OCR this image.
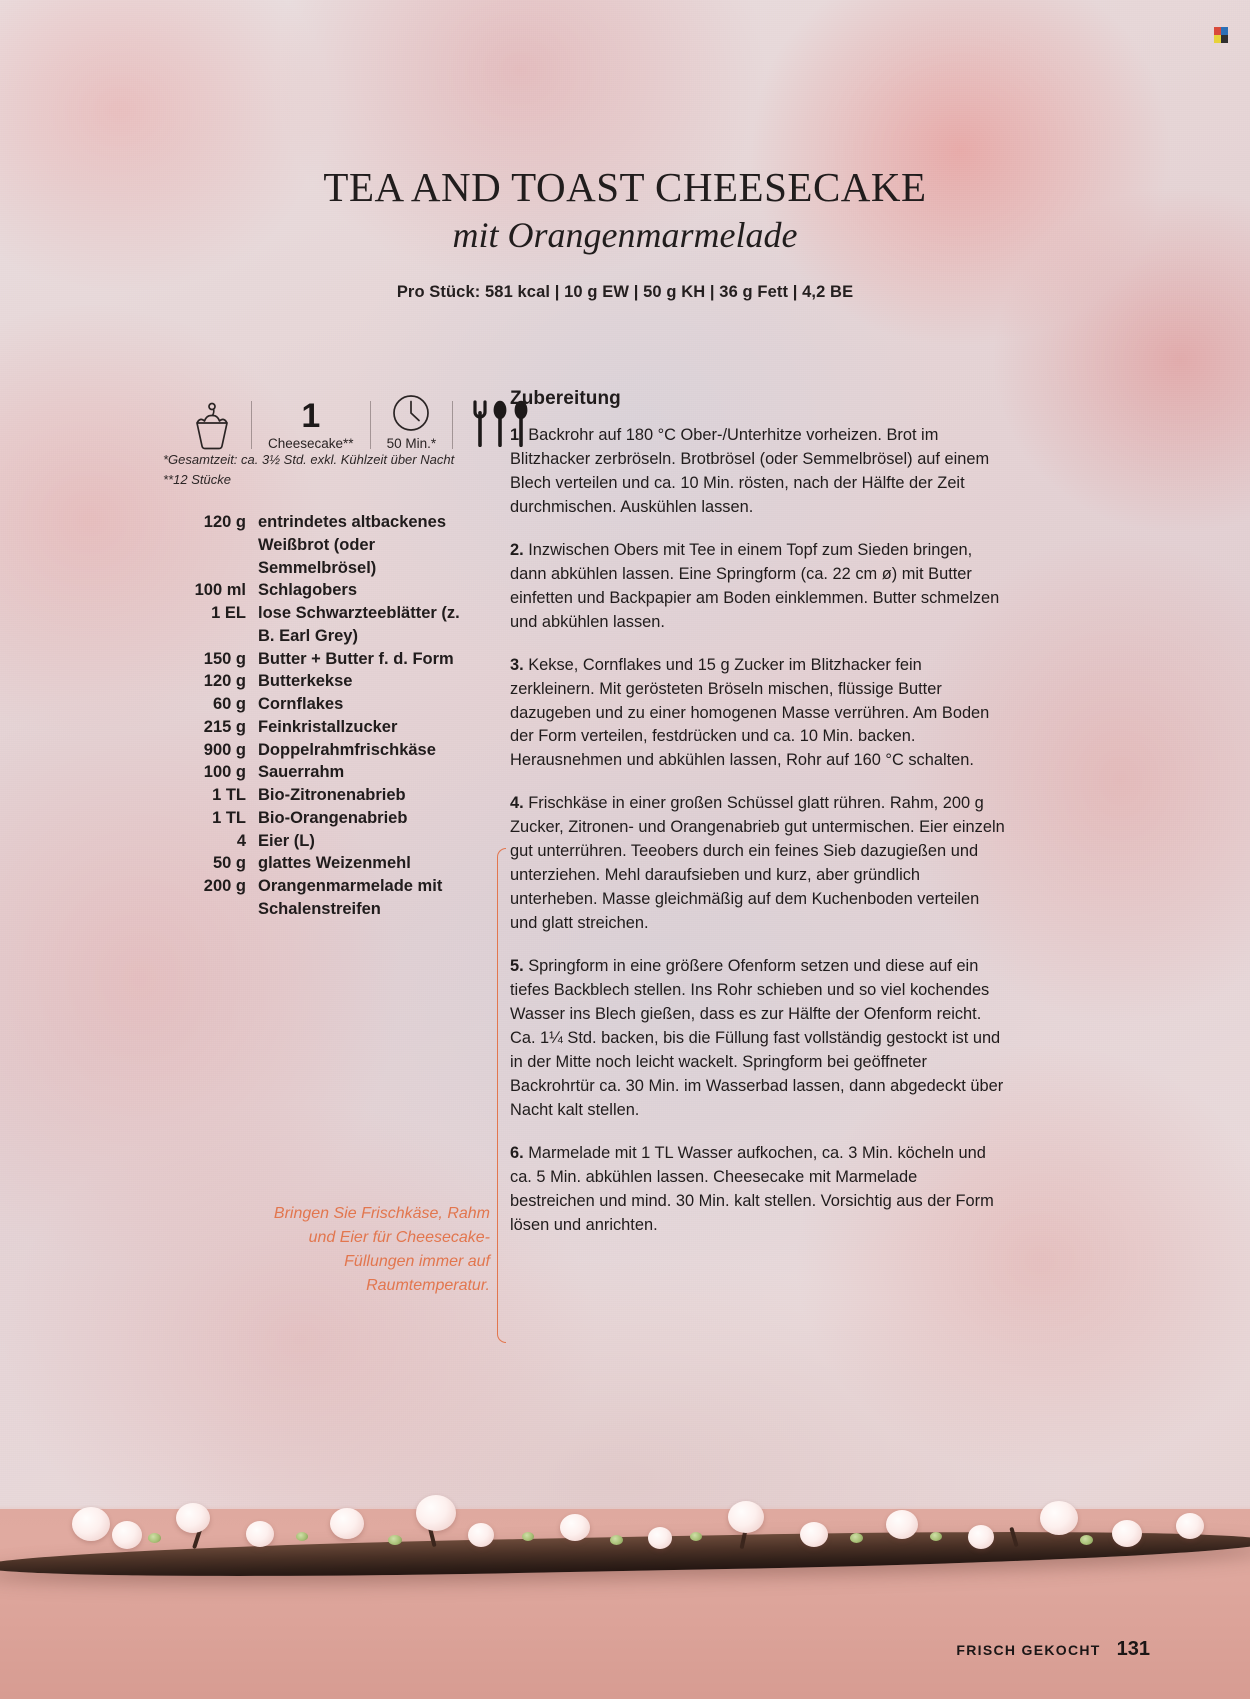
TEA AND TOAST CHEESECAKE
mit Orangenmarmelade
Pro Stück: 581 kcal | 10 g EW | 50 g KH | 36 g Fett | 4,2 BE
1
Cheesecake** 50 Min.*
*Gesamtzeit: ca. 3½ Std. exkl. Kühlzeit über Nacht
**12 Stücke
120 g entrindetes altbackenes Weißbrot (oder Semmelbrösel)
100 ml Schlagobers
1 EL lose Schwarzteeblätter (z. B. Earl Grey)
150 g Butter + Butter f. d. Form
120 g Butterkekse
60 g Cornflakes
215 g Feinkristallzucker
900 g Doppelrahmfrischkäse
100 g Sauerrahm
1 TL Bio-Zitronenabrieb
1 TL Bio-Orangenabrieb
4 Eier (L)
50 g glattes Weizenmehl
200 g Orangenmarmelade mit Schalenstreifen
Bringen Sie Frischkäse, Rahm und Eier für Cheesecake-Füllungen immer auf Raumtemperatur.
Zubereitung

1. Backrohr auf 180 °C Ober-/Unterhitze vorheizen. Brot im Blitzhacker zerbröseln. Brotbrösel (oder Semmelbrösel) auf einem Blech verteilen und ca. 10 Min. rösten, nach der Hälfte der Zeit durchmischen. Auskühlen lassen.

2. Inzwischen Obers mit Tee in einem Topf zum Sieden bringen, dann abkühlen lassen. Eine Springform (ca. 22 cm ø) mit Butter einfetten und Backpapier am Boden einklemmen. Butter schmelzen und abkühlen lassen.

3. Kekse, Cornflakes und 15 g Zucker im Blitzhacker fein zerkleinern. Mit gerösteten Bröseln mischen, flüssige Butter dazugeben und zu einer homogenen Masse verrühren. Am Boden der Form verteilen, festdrücken und ca. 10 Min. backen. Herausnehmen und abkühlen lassen, Rohr auf 160 °C schalten.

4. Frischkäse in einer großen Schüssel glatt rühren. Rahm, 200 g Zucker, Zitronen- und Orangenabrieb gut untermischen. Eier einzeln gut unterrühren. Teeobers durch ein feines Sieb dazugießen und unterziehen. Mehl daraufsieben und kurz, aber gründlich unterheben. Masse gleichmäßig auf dem Kuchenboden verteilen und glatt streichen.

5. Springform in eine größere Ofenform setzen und diese auf ein tiefes Backblech stellen. Ins Rohr schieben und so viel kochendes Wasser ins Blech gießen, dass es zur Hälfte der Ofenform reicht. Ca. 1¼ Std. backen, bis die Füllung fast vollständig gestockt ist und in der Mitte noch leicht wackelt. Springform bei geöffneter Backrohrtür ca. 30 Min. im Wasserbad lassen, dann abgedeckt über Nacht kalt stellen.

6. Marmelade mit 1 TL Wasser aufkochen, ca. 3 Min. köcheln und ca. 5 Min. abkühlen lassen. Cheesecake mit Marmelade bestreichen und mind. 30 Min. kalt stellen. Vorsichtig aus der Form lösen und anrichten.

FRISCH GEKOCHT 131
